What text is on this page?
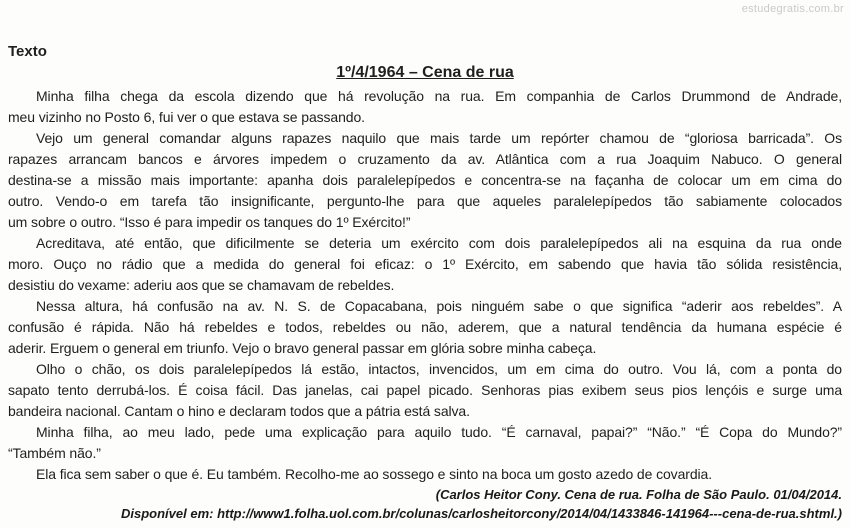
estudegratis.com.br
Texto
1º/4/1964 – Cena de rua
Minha filha chega da escola dizendo que há revolução na rua. Em companhia de Carlos Drummond de Andrade,
meu vizinho no Posto 6, fui ver o que estava se passando.
Vejo um general comandar alguns rapazes naquilo que mais tarde um repórter chamou de “gloriosa barricada”. Os
rapazes arrancam bancos e árvores impedem o cruzamento da av. Atlântica com a rua Joaquim Nabuco. O general
destina-se a missão mais importante: apanha dois paralelepípedos e concentra-se na façanha de colocar um em cima do
outro. Vendo-o em tarefa tão insignificante, pergunto-lhe para que aqueles paralelepípedos tão sabiamente colocados
um sobre o outro. “Isso é para impedir os tanques do 1º Exército!”
Acreditava, até então, que dificilmente se deteria um exército com dois paralelepípedos ali na esquina da rua onde
moro. Ouço no rádio que a medida do general foi eficaz: o 1º Exército, em sabendo que havia tão sólida resistência,
desistiu do vexame: aderiu aos que se chamavam de rebeldes.
Nessa altura, há confusão na av. N. S. de Copacabana, pois ninguém sabe o que significa “aderir aos rebeldes”. A
confusão é rápida. Não há rebeldes e todos, rebeldes ou não, aderem, que a natural tendência da humana espécie é
aderir. Erguem o general em triunfo. Vejo o bravo general passar em glória sobre minha cabeça.
Olho o chão, os dois paralelepípedos lá estão, intactos, invencidos, um em cima do outro. Vou lá, com a ponta do
sapato tento derrubá-los. É coisa fácil. Das janelas, cai papel picado. Senhoras pias exibem seus pios lençóis e surge uma
bandeira nacional. Cantam o hino e declaram todos que a pátria está salva.
Minha filha, ao meu lado, pede uma explicação para aquilo tudo. “É carnaval, papai?” “Não.” “É Copa do Mundo?”
“Também não.”
Ela fica sem saber o que é. Eu também. Recolho-me ao sossego e sinto na boca um gosto azedo de covardia.
(Carlos Heitor Cony. Cena de rua. Folha de São Paulo. 01/04/2014.
Disponível em: http://www1.folha.uol.com.br/colunas/carlosheitorcony/2014/04/1433846-141964---cena-de-rua.shtml.)
